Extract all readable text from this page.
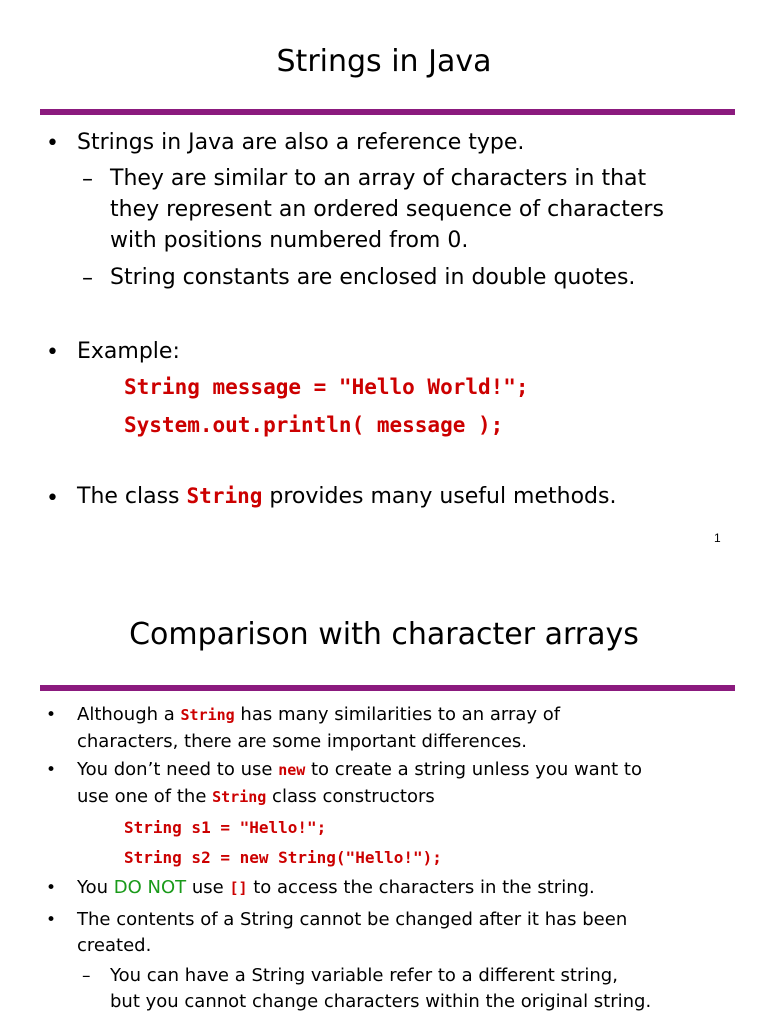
Strings in Java
• Strings in Java are also a reference type.

– They are similar to an array of characters in that

they represent an ordered sequence of characters

with positions numbered from 0.

– String constants are enclosed in double quotes.

• Example:

String message = "Hello World!";

System.out.println( message );

• The class String provides many useful methods.

1
Comparison with character arrays
• Although a String has many similarities to an array of

characters, there are some important differences.

• You don’t need to use new to create a string unless you want to

use one of the String class constructors

String s1 = "Hello!";

String s2 = new String("Hello!");

• You DO NOT use [] to access the characters in the string.

• The contents of a String cannot be changed after it has been

created.

– You can have a String variable refer to a different string,

but you cannot change characters within the original string.
